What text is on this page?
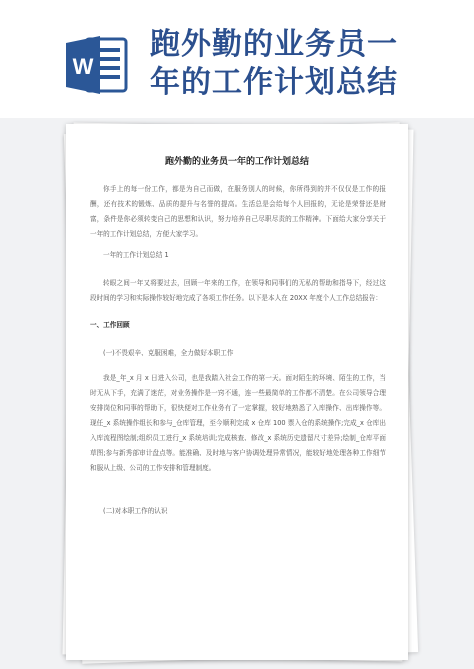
W
跑外勤的业务员一
年的工作计划总结
跑外勤的业务员一年的工作计划总结
你手上的每一份工作，都是为自己而做，在服务别人的时候，你所得到的并不仅仅是工作的报酬，还有技术的锻炼、品质的提升与名誉的提高。生活总是会给每个人回报的，无论是荣誉还是财富，条件是你必须转变自己的思想和认识，努力培养自己尽职尽责的工作精神。下面给大家分享关于一年的工作计划总结，方便大家学习。
一年的工作计划总结 1
转眼之间一年又将要过去，回顾一年来的工作，在领导和同事们的无私的帮助和指导下，经过这段时间的学习和实际操作较好地完成了各项工作任务。以下是本人在 20XX 年度个人工作总结报告：
一、工作回顾
(一)不畏艰辛、克服困难，全力做好本职工作
我是_年_x 月 x 日进入公司，也是我踏入社会工作的第一天。面对陌生的环境、陌生的工作，当时无从下手，充满了迷茫，对业务操作是一窍不通，连一些最简单的工作都不清楚。在公司领导合理安排岗位和同事的帮助下，很快便对工作业务有了一定掌握，较好地熟悉了入库操作、出库操作等。现任_x 系统操作组长和参与_仓库管理，至今顺利完成 x 仓库 100 票入仓的系统操作;完成_x 仓库出入库流程图绘制;组织员工进行_x 系统培训;完成核查、修改_x 系统历史遗留尺寸差异;绘制_仓库平面草图;参与新秀部审计盘点等。能准确、及时地与客户协调处理异常情况，能较好地处理各种工作细节和服从上级、公司的工作安排和管理制度。
(二)对本职工作的认识
